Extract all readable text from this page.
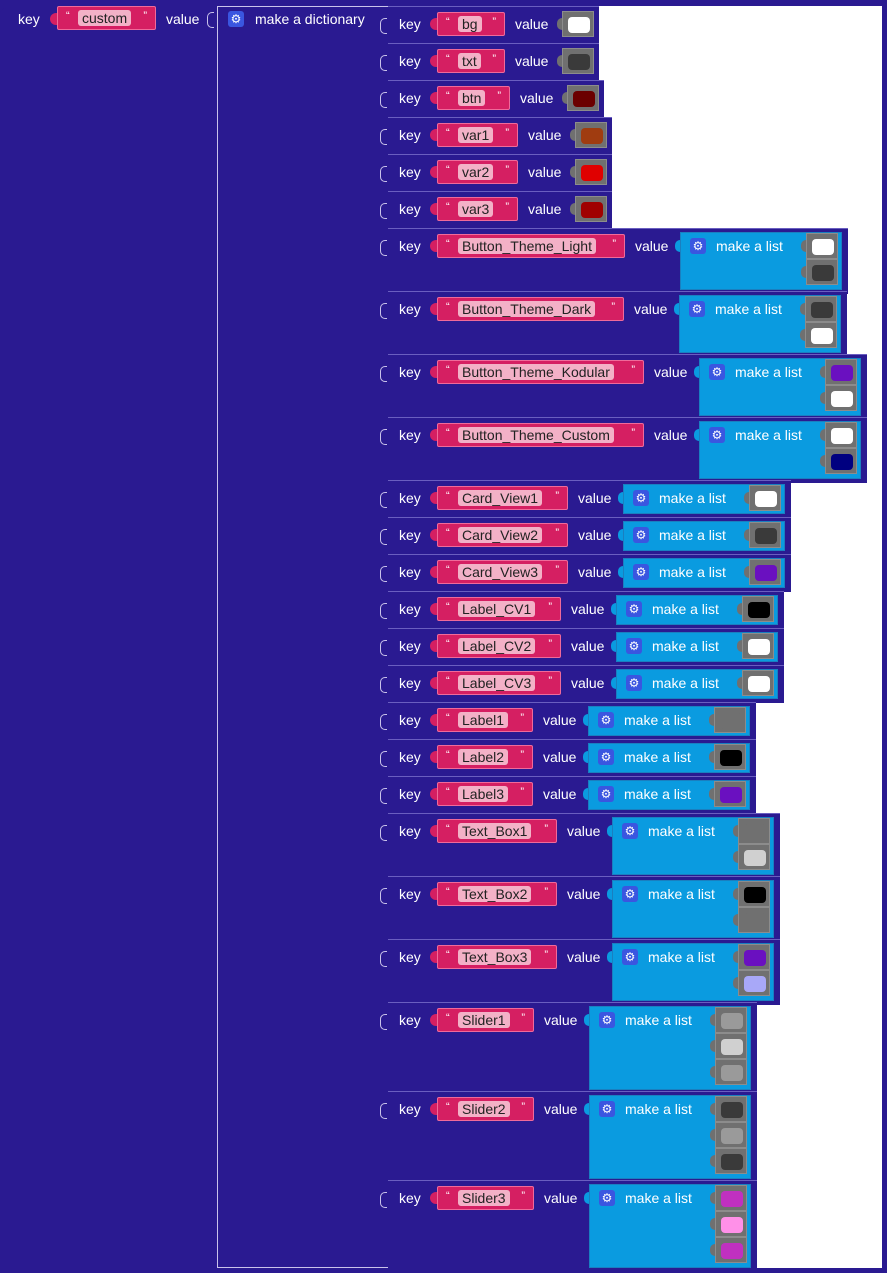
key “ custom	” value	⚙ make a dictionary key “ bg	” value
key “ txt	” value
key “ btn	” value
key “ var1	” value
key “ var2	” value
key “ var3	” value
key “ Button_Theme_Light	” value ⚙ make a list
key “ Button_Theme_Dark	” value ⚙ make a list
key “ Button_Theme_Kodular	” value ⚙ make a list
key “ Button_Theme_Custom	” value ⚙ make a list
key “ Card_View1	” value ⚙ make a list
key “ Card_View2	” value ⚙ make a list
key “ Card_View3	” value ⚙ make a list
key “ Label_CV1	” value ⚙ make a list
key “ Label_CV2	” value ⚙ make a list
key “ Label_CV3	” value ⚙ make a list
key “ Label1	” value ⚙ make a list
key “ Label2	” value ⚙ make a list
key “ Label3	” value ⚙ make a list
key “ Text_Box1	” value ⚙ make a list
key “ Text_Box2	” value ⚙ make a list
key “ Text_Box3	” value ⚙ make a list
key “ Slider1	” value ⚙ make a list
key “ Slider2	” value ⚙ make a list
key “ Slider3	” value ⚙ make a list
